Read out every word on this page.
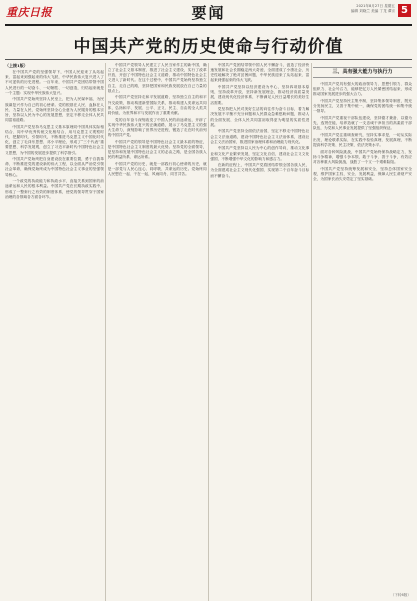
重庆日报	要闻	2021年8月27日 星期五
编辑 刘晓兰 美编 丁龙 谭宗 5
中国共产党的历史使命与行动价值
（上接1版）

在中国共产党的坚强领导下，中国人民迎来了从站起来、富起来到强起来的伟大飞跃，中华民族伟大复兴进入了不可逆转的历史进程。一百年来，中国共产党团结带领中国人民进行的一切奋斗、一切牺牲、一切创造，归结起来就是一个主题：实现中华民族伟大复兴。

中国共产党始终坚持人民至上，把为人民谋幸福、为民族谋复兴作为自己的初心使命。党的根基在人民、血脉在人民、力量在人民，党始终坚持全心全意为人民服务的根本宗旨，坚持以人民为中心的发展思想，坚定不移走全体人民共同富裕道路。

中国共产党坚持马克思主义基本原理同中国具体实际相结合、同中华优秀传统文化相结合，用马克思主义观察时代、把握时代、引领时代，不断推进马克思主义中国化时代化，创立了毛泽东思想、邓小平理论，形成了“三个代表”重要思想、科学发展观，创立了习近平新时代中国特色社会主义思想，为中国的发展进步提供了科学指引。

中国共产党始终把自身建设放在重要位置，勇于自我革命，不断推进党的建设新的伟大工程，以全面从严治党引领社会革命，确保党始终成为中国特色社会主义事业的坚强领导核心。

一个政党的执政能力和执政水平，直接关系到国家的前途命运和人民的根本利益。中国共产党在长期执政实践中，形成了一整套行之有效的制度体系，使党的领导贯穿于国家治理的各领域各方面各环节。

中国共产党领导人民建立了人民当家作主的新中国，确立了社会主义基本制度，推进了社会主义建设，实行了改革开放，开创了中国特色社会主义道路，推动中国特色社会主义进入了新时代。在这个过程中，中国共产党始终坚持独立自主，走自己的路，坚持把国家和民族发展放在自己力量的基点上。

中国共产党坚持走和平发展道路，坚持独立自主的和平外交政策，推动构建新型国际关系，推动构建人类命运共同体，弘扬和平、发展、公平、正义、民主、自由的全人类共同价值，为世界和平与发展作出了重要贡献。

党的百年奋斗深刻改变了中国人民的前途命运，开辟了实现中华民族伟大复兴的正确道路，展示了马克思主义的强大生命力，深刻影响了世界历史进程，锻造了走在时代前列的中国共产党。

中国共产党的领导是中国特色社会主义最本质的特征，是中国特色社会主义制度的最大优势。坚持党的全面领导，是坚持和发展中国特色社会主义的必由之路，是全国各族人民的利益所系、命运所系。

中国共产党的历史，就是一部践行初心使命的历史，就是一部党与人民心连心、同呼吸、共命运的历史。党始终同人民想在一起、干在一起，风雨同舟、同甘共苦。

中国共产党团结带领中国人民不懈奋斗，创造了经济快速发展和社会长期稳定两大奇迹，全面建成了小康社会，历史性地解决了绝对贫困问题，中华民族迎来了从站起来、富起来到强起来的伟大飞跃。

中国共产党坚持以经济建设为中心，坚持四项基本原则，坚持改革开放，坚持新发展理念，推动经济高质量发展，建设现代化经济体系，不断满足人民日益增长的美好生活需要。

党坚持把人民对美好生活的向往作为奋斗目标，着力解决发展不平衡不充分问题和人民群众急难愁盼问题，推动人的全面发展、全体人民共同富裕取得更为明显的实质性进展。

中国共产党坚持全面依法治国，坚定不移走中国特色社会主义法治道路，建设中国特色社会主义法治体系，建设社会主义法治国家，推进国家治理体系和治理能力现代化。

中国共产党坚持以人民为中心的创作导向，推动文化事业和文化产业繁荣发展，坚定文化自信，建设社会主义文化强国，不断增强中华文化的影响力和感召力。

在新的征程上，中国共产党将团结带领全国各族人民，为全面建成社会主义现代化强国、实现第二个百年奋斗目标而不懈奋斗。

三、具有强大能力与执行力

中国共产党具有强大的政治领导力、思想引领力、群众组织力、社会号召力，能够把亿万人民紧密团结起来，形成推动国家发展进步的强大合力。

中国共产党坚持民主集中制，坚持集体领导制度，既充分发扬民主，又善于集中统一，确保党的团结统一和集中统一领导。

中国共产党重视干部队伍建设，坚持德才兼备、以德为先，选贤任能，培养造就了一支忠诚干净担当的高素质干部队伍，为党和人民事业发展提供了坚强组织保证。

中国共产党注重调查研究，坚持实事求是，一切从实际出发，理论联系实际，在实践中检验真理、发展真理，不断提高科学决策、民主决策、依法决策水平。

面对各种风险挑战，中国共产党始终保持战略定力，发扬斗争精神，增强斗争本领，敢于斗争、善于斗争，有效应对各种重大风险挑战，战胜了一个又一个艰难险阻。

中国共产党坚持统筹发展和安全，坚持总体国家安全观，维护国家主权、安全、发展利益，保障人民生命财产安全，为国家长治久安奠定了坚实基础。

（下转6版）
